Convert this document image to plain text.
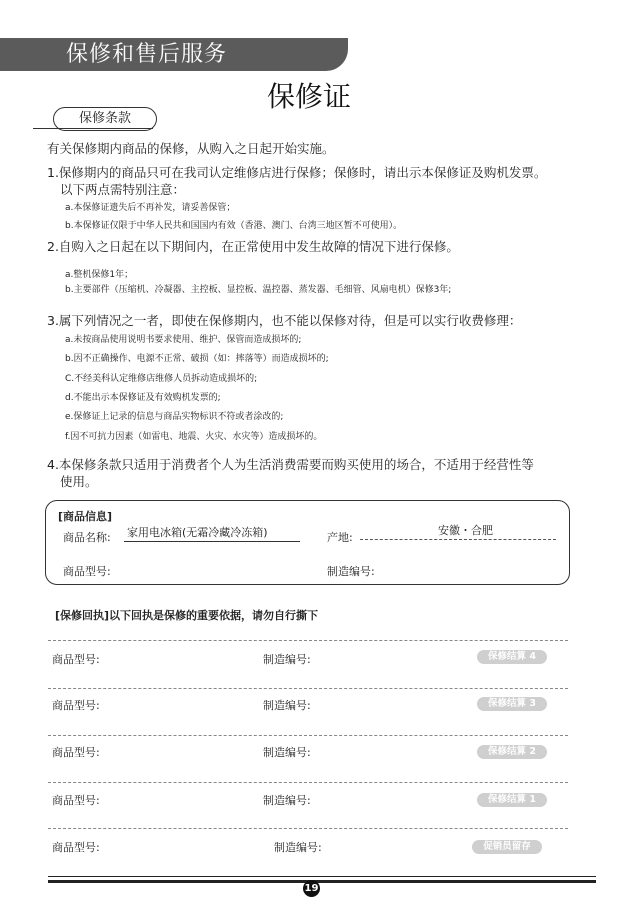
保修和售后服务
保修证
保修条款
有关保修期内商品的保修，从购入之日起开始实施。
1.保修期内的商品只可在我司认定维修店进行保修；保修时，请出示本保修证及购机发票。
以下两点需特别注意：
a.本保修证遗失后不再补发，请妥善保管；
b.本保修证仅限于中华人民共和国国内有效（香港、澳门、台湾三地区暂不可使用）。
2.自购入之日起在以下期间内，在正常使用中发生故障的情况下进行保修。
a.整机保修1年；
b.主要部件（压缩机、冷凝器、主控板、显控板、温控器、蒸发器、毛细管、风扇电机）保修3年;
3.属下列情况之一者，即使在保修期内，也不能以保修对待，但是可以实行收费修理：
a.未按商品使用说明书要求使用、维护、保管而造成损坏的;
b.因不正确操作、电源不正常、破损（如：摔落等）而造成损坏的;
C.不经美科认定维修店维修人员拆动造成损坏的;
d.不能出示本保修证及有效购机发票的;
e.保修证上记录的信息与商品实物标识不符或者涂改的;
f.因不可抗力因素（如雷电、地震、火灾、水灾等）造成损坏的。
4.本保修条款只适用于消费者个人为生活消费需要而购买使用的场合，不适用于经营性等
使用。
[商品信息]
商品名称: 家用电冰箱(无霜冷藏冷冻箱)	产地:
安徽・合肥
商品型号:	制造编号:
[保修回执]以下回执是保修的重要依据，请勿自行撕下
商品型号:	制造编号:	保修结算 4
商品型号:	制造编号:	保修结算 3
商品型号:	制造编号:	保修结算 2
商品型号:	制造编号:	保修结算 1
商品型号:	制造编号:	促销员留存
19
